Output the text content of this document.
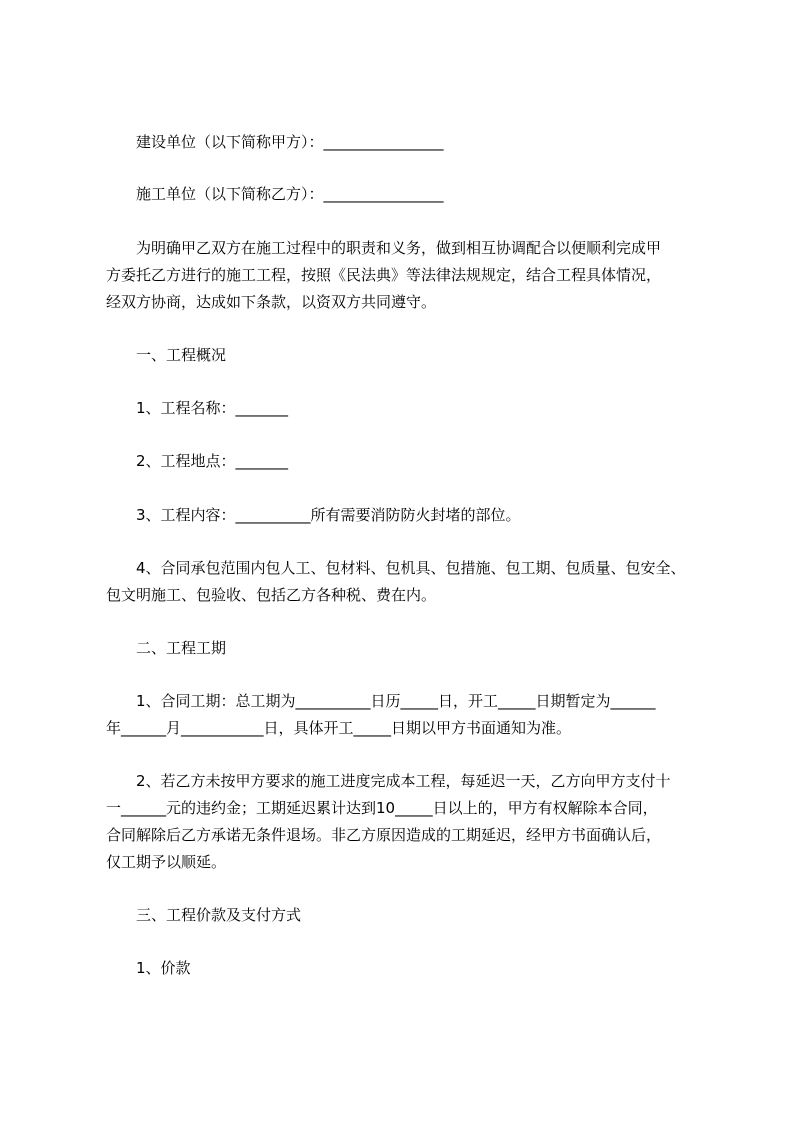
建设单位（以下简称甲方）：________________

施工单位（以下简称乙方）：________________

为明确甲乙双方在施工过程中的职责和义务，做到相互协调配合以便顺利完成甲

方委托乙方进行的施工工程，按照《民法典》等法律法规规定，结合工程具体情况，

经双方协商，达成如下条款，以资双方共同遵守。

一、工程概况

1、工程名称：_______

2、工程地点：_______

3、工程内容：__________所有需要消防防火封堵的部位。

4、合同承包范围内包人工、包材料、包机具、包措施、包工期、包质量、包安全、

包文明施工、包验收、包括乙方各种税、费在内。

二、工程工期

1、合同工期：总工期为__________日历_____日，开工_____日期暂定为______

年______月___________日，具体开工_____日期以甲方书面通知为准。

2、若乙方未按甲方要求的施工进度完成本工程，每延迟一天，乙方向甲方支付十

一______元的违约金；工期延迟累计达到10_____日以上的，甲方有权解除本合同，

合同解除后乙方承诺无条件退场。非乙方原因造成的工期延迟，经甲方书面确认后，

仅工期予以顺延。

三、工程价款及支付方式

1、价款
